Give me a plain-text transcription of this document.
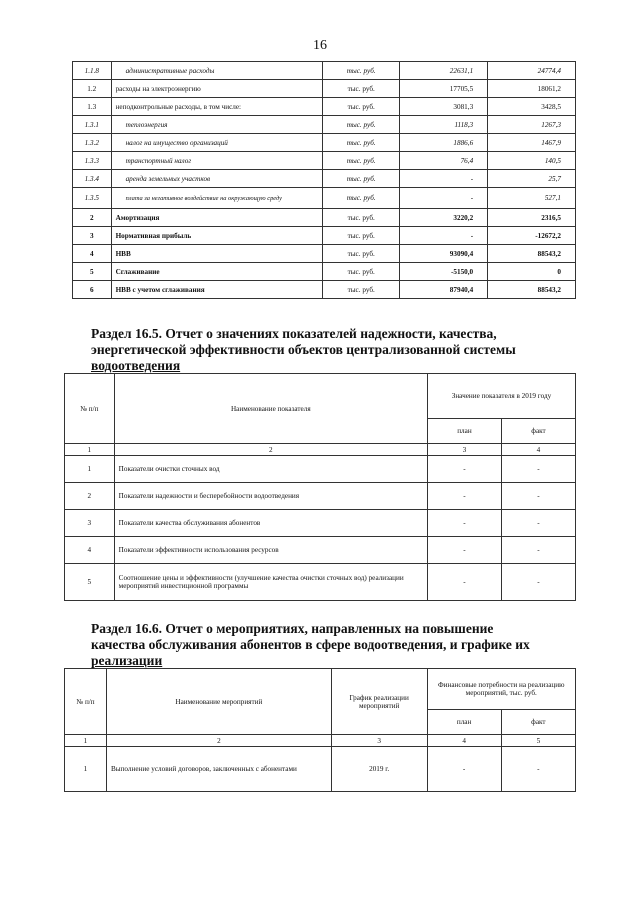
16
1.1.8	административные расходы	тыс. руб.	22631,1	24774,4
1.2	расходы на электроэнергию	тыс. руб.	17705,5	18061,2
1.3	неподконтрольные расходы, в том числе:	тыс. руб.	3081,3	3428,5
1.3.1	теплоэнергия	тыс. руб.	1118,3	1267,3
1.3.2	налог на имущество организаций	тыс. руб.	1886,6	1467,9
1.3.3	транспортный налог	тыс. руб.	76,4	140,5
1.3.4	аренда земельных участков	тыс. руб.	-	25,7
1.3.5	плата за негативное воздействие на окружающую среду	тыс. руб.	-	527,1
2	Амортизация	тыс. руб.	3220,2	2316,5
3	Нормативная прибыль	тыс. руб.	-	-12672,2
4	НВВ	тыс. руб.	93090,4	88543,2
5	Сглаживание	тыс. руб.	-5150,0	0
6	НВВ с учетом сглаживания	тыс. руб.	87940,4	88543,2
Раздел 16.5. Отчет о значениях показателей надежности, качества,
энергетической эффективности объектов централизованной системы
водоотведения
№ п/п	Наименование показателя	Значение показателя в 2019 году	
		план	факт
1	2	3	4
1	Показатели очистки сточных вод	-	-
2	Показатели надежности и бесперебойности водоотведения	-	-
3	Показатели качества обслуживания абонентов	-	-
4	Показатели эффективности использования ресурсов	-	-
5	Соотношение цены и эффективности (улучшение качества очистки сточных вод) реализации мероприятий инвестиционной программы	-	-
Раздел 16.6. Отчет о мероприятиях, направленных на повышение
качества обслуживания абонентов в сфере водоотведения, и графике их
реализации
№ п/п	Наименование мероприятий	График реализации мероприятий	Финансовые потребности на реализацию мероприятий, тыс. руб.	
			план	факт
1	2	3	4	5
1	Выполнение условий договоров, заключенных с абонентами	2019 г.	-	-
